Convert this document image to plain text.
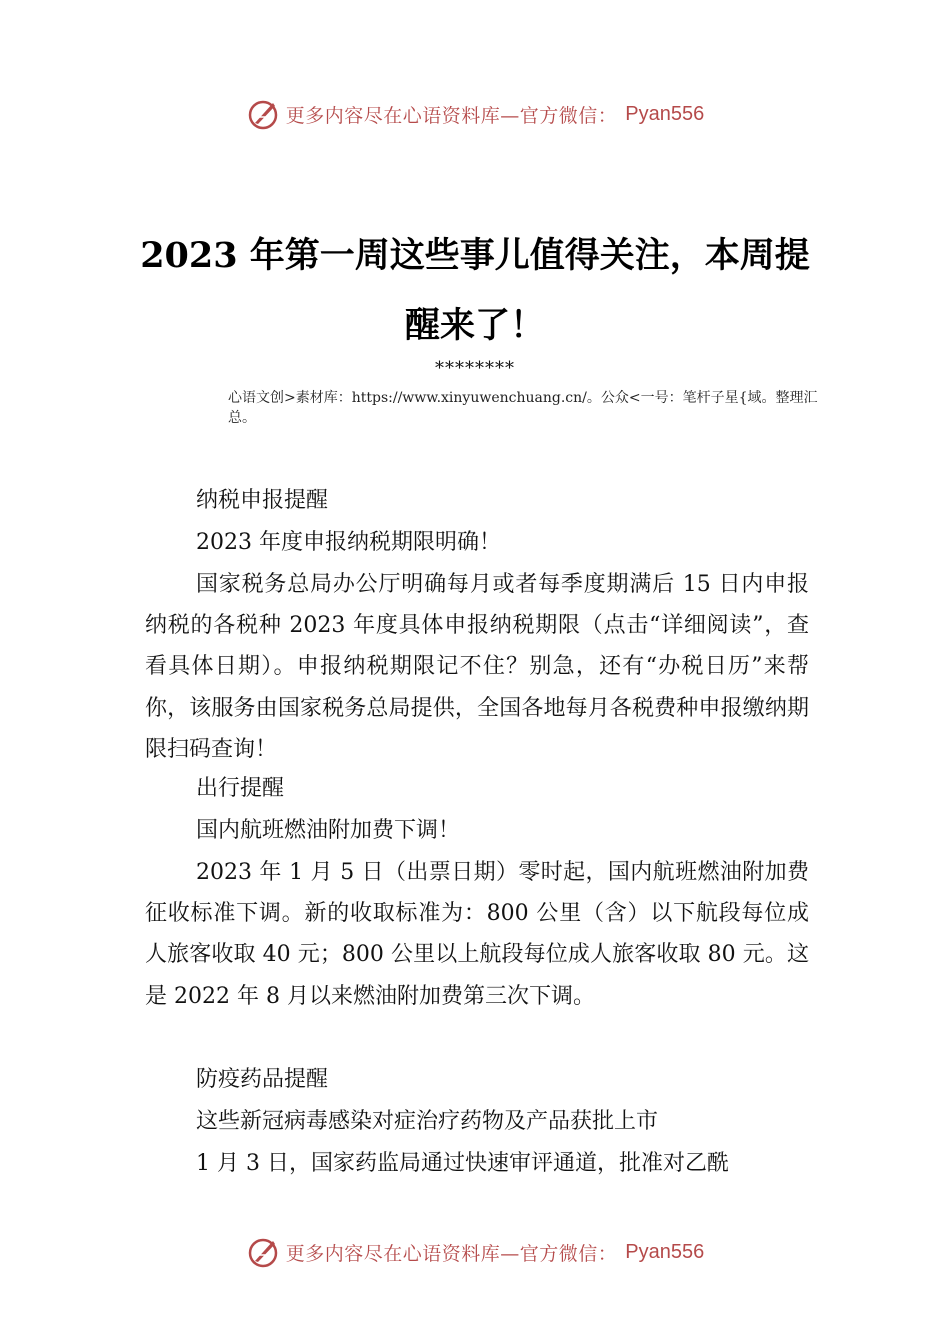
更多内容尽在心语资料库—官方微信： Pyan556
2023 年第一周这些事儿值得关注，本周提
醒来了！
********
心语文创>素材库：https://www.xinyuwenchuang.cn/。公众<一号：笔杆子星{域。整理汇总。

纳税申报提醒

2023 年度申报纳税期限明确！

国家税务总局办公厅明确每月或者每季度期满后 15 日内申报纳税的各税种 2023 年度具体申报纳税期限（点击“详细阅读”，查看具体日期）。申报纳税期限记不住？别急，还有“办税日历”来帮你，该服务由国家税务总局提供，全国各地每月各税费种申报缴纳期限扫码查询！

出行提醒

国内航班燃油附加费下调！

2023 年 1 月 5 日（出票日期）零时起，国内航班燃油附加费征收标准下调。新的收取标准为：800 公里（含）以下航段每位成人旅客收取 40 元；800 公里以上航段每位成人旅客收取 80 元。这是 2022 年 8 月以来燃油附加费第三次下调。

防疫药品提醒

这些新冠病毒感染对症治疗药物及产品获批上市

1 月 3 日，国家药监局通过快速审评通道，批准对乙酰

更多内容尽在心语资料库—官方微信： Pyan556
